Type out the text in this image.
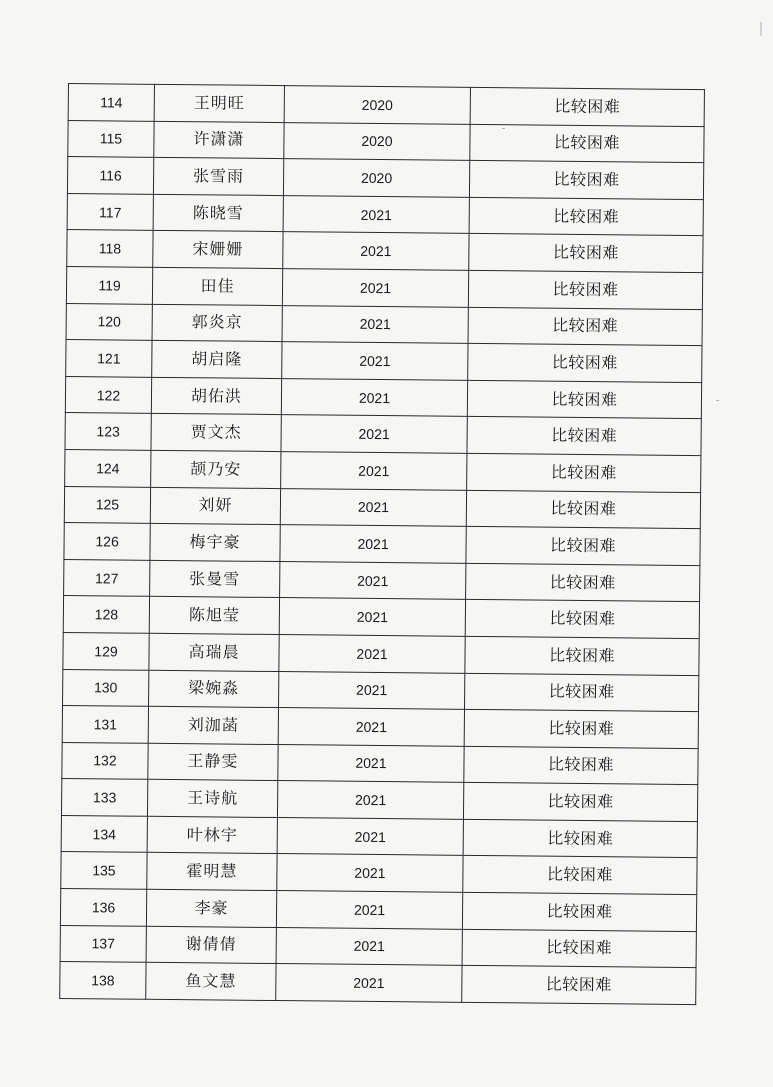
114	王明旺	2020	比较困难
115	许潇潇	2020	比较困难
116	张雪雨	2020	比较困难
117	陈晓雪	2021	比较困难
118	宋姗姗	2021	比较困难
119	田佳	2021	比较困难
120	郭炎京	2021	比较困难
121	胡启隆	2021	比较困难
122	胡佑洪	2021	比较困难
123	贾文杰	2021	比较困难
124	颉乃安	2021	比较困难
125	刘妍	2021	比较困难
126	梅宇豪	2021	比较困难
127	张曼雪	2021	比较困难
128	陈旭莹	2021	比较困难
129	高瑞晨	2021	比较困难
130	梁婉淼	2021	比较困难
131	刘泇菡	2021	比较困难
132	王静雯	2021	比较困难
133	王诗航	2021	比较困难
134	叶林宇	2021	比较困难
135	霍明慧	2021	比较困难
136	李豪	2021	比较困难
137	谢倩倩	2021	比较困难
138	鱼文慧	2021	比较困难
